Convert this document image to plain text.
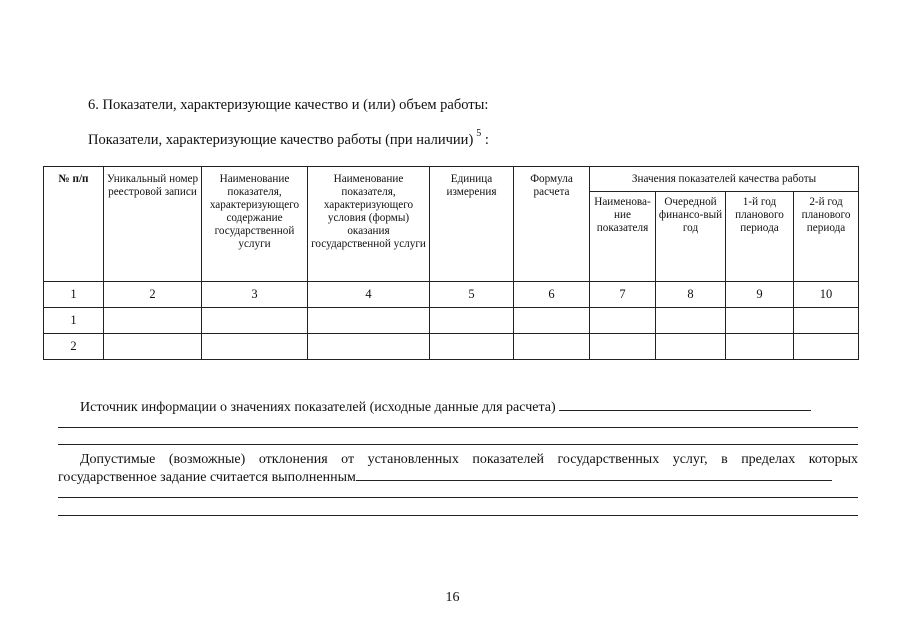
6. Показатели, характеризующие качество и (или) объем работы:
Показатели, характеризующие качество работы (при наличии)  $^5$ :
№ п/п	Уникальный номер реестровой записи	Наименование показателя, характеризующего содержание государственной услуги	Наименование показателя, характеризующего условия (формы) оказания государственной услуги	Единица измерения	Формула расчета	Значения показателей качества работы			
						Наименова-ние показателя	Очередной финансо-вый год	1-й год планового периода	2-й год планового периода
1	2	3	4	5	6	7	8	9	10
1									
2									
Источник информации о значениях показателей (исходные данные для расчета)
Допустимые (возможные) отклонения от установленных показателей государственных услуг, в пределах которых государственное задание считается выполненным
16
